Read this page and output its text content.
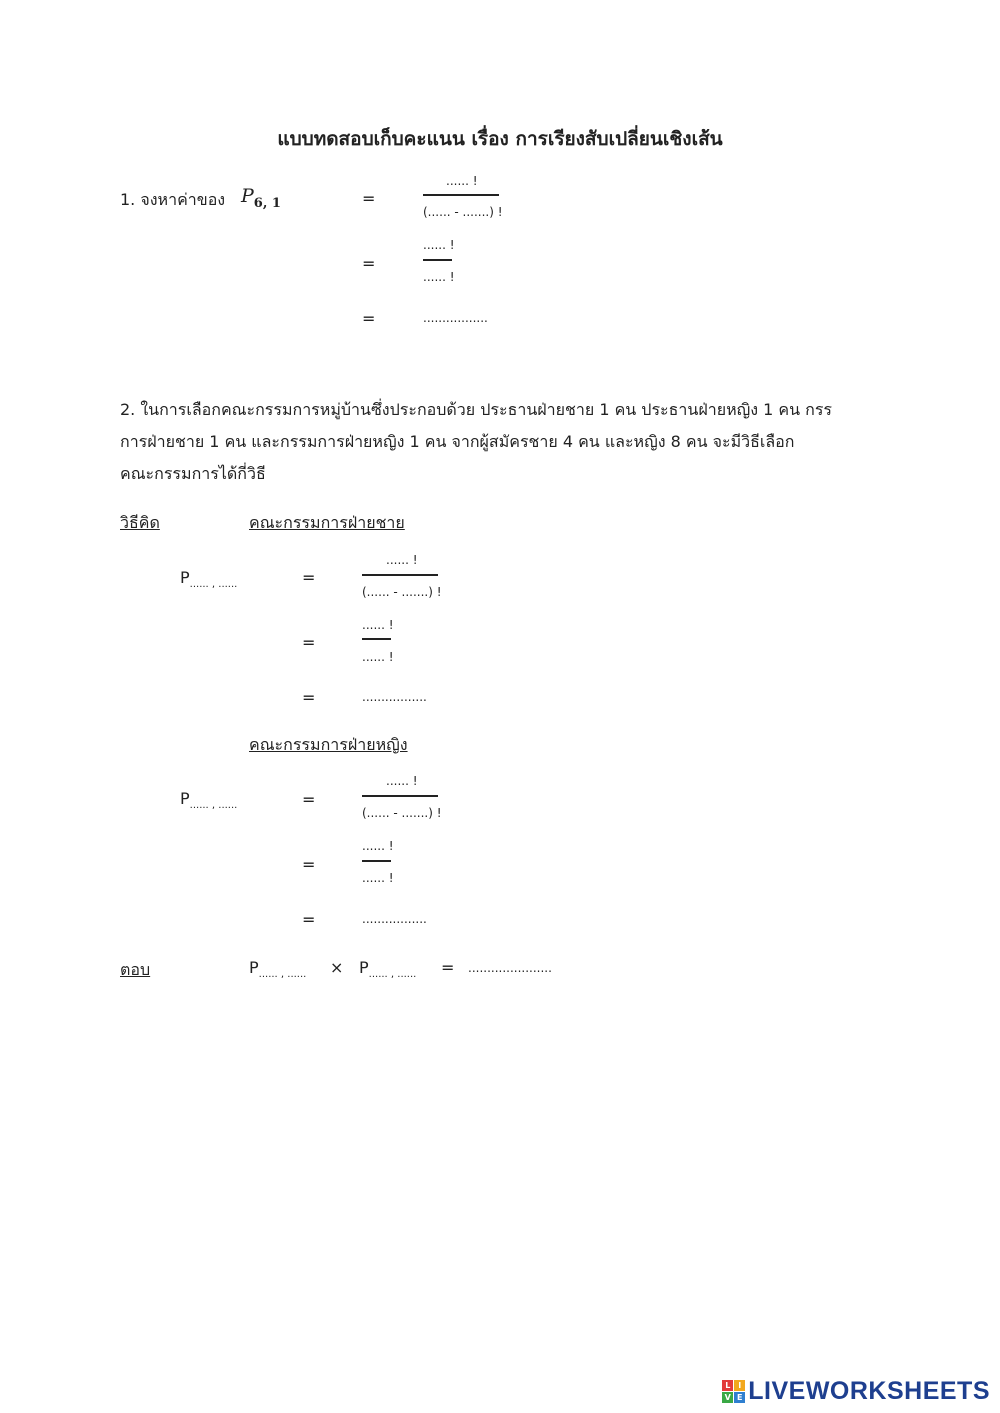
แบบทดสอบเก็บคะแนน เรื่อง การเรียงสับเปลี่ยนเชิงเส้น
1. จงหาค่าของ $P_{6, 1}$	=
...... !
(...... - .......) !
=
...... !
...... !
=	.................
2. ในการเลือกคณะกรรมการหมู่บ้านซึ่งประกอบด้วย ประธานฝ่ายชาย 1 คน ประธานฝ่ายหญิง 1 คน กรร
การฝ่ายชาย 1 คน และกรรมการฝ่ายหญิง 1 คน จากผู้สมัครชาย 4 คน และหญิง 8 คน จะมีวิธีเลือก
คณะกรรมการได้กี่วิธี
วิธีคิด	คณะกรรมการฝ่ายชาย
$P_{...... , ......}$	=
...... !
(...... - .......) !
=
...... !
...... !
=	.................
คณะกรรมการฝ่ายหญิง
$P_{...... , ......}$	=
...... !
(...... - .......) !
=
...... !
...... !
=	.................
ตอบ	$P_{...... , ......} \times P_{...... , ......}$ = ......................
L I
V E LIVEWORKSHEETS
